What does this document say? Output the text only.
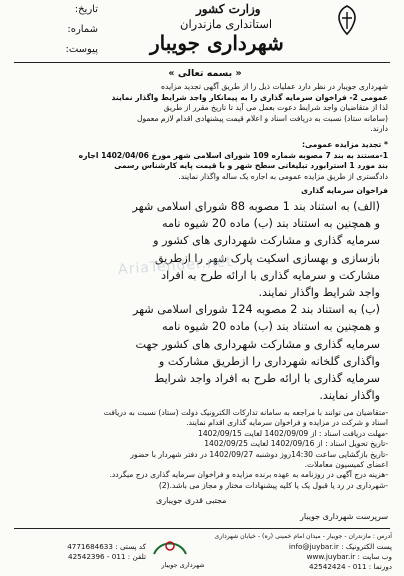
تاریخ:
شماره:
پیوست:
وزارت کشور
استانداری مازندران
شهرداری جویبار
« بسمه تعالی »
شهرداری جویبار در نظر دارد عملیات ذیل را از طریق آگهی تجدید مزایده
عمومی 2- فراخوان سرمایه گذاری را به پیمانکار واجد شرایط واگذار نمایند
لذا از متقاضیان واجد شرایط دعوت بعمل می آید تا تاریخ مقرر از طریق
(سامانه ستاد) نسبت به دریافت اسناد و اعلام قیمت پیشنهادی اقدام لازم معمول
دارند.
* تجدید مزایده عمومی:
1-مستند به بند 7 مصوبه شماره 109 شورای اسلامی شهر مورخ 1402/04/06 اجاره
بند مورد 1 استرابورد تبلیغاتی سطح شهر و با قیمت پایه کارشناس رسمی
دادگستری از طریق مزایده عمومی به اجاره یک ساله واگذار نمایند.
فراخوان سرمایه گذاری
(الف) به استناد بند 1 مصوبه 88 شورای اسلامی شهر
و همچنین به استناد بند (ب) ماده 20 شیوه نامه
سرمایه گذاری و مشارکت شهرداری های کشور و
بازسازی و بهسازی اسکیت پارک شهر را ازطریق
مشارکت و سرمایه گذاری با ارائه طرح به افراد
واجد شرایط واگذار نمایند.
(ب) به استناد بند 2 مصوبه 124 شورای اسلامی شهر
و همچنین به استناد بند (ب) ماده 20 شیوه نامه
سرمایه گذاری و مشارکت شهرداری های کشور جهت
واگذاری گلخانه شهرداری را ازطریق مشارکت و
سرمایه گذاری با ارائه طرح به افراد واجد شرایط
واگذار نمایند.
AriaTender.net
-متقاضیان می توانند با مراجعه به سامانه تدارکات الکترونیک دولت (ستاد) نسبت به دریافت
اسناد و شرکت در مزایده و فراخوان سرمایه گذاری اقدام نمایند.
-مهلت دریافت اسناد : از 1402/09/09 لغایت 1402/09/15
-تاریخ تحویل اسناد : از 1402/09/16 لغایت 1402/09/25
-تاریخ بازگشایی ساعت 14:30روز دوشنبه 1402/09/27 در دفتر شهردار با حضور
اعضای کمیسیون معاملات.
-هزینه درج آگهی در روزنامه به عهده برنده مزایده و فراخوان سرمایه گذاری درج میگردد.
-شهرداری در رد یا قبول یک یا کلیه پیشنهادات مختار و مجاز می باشد.(2)
مجتبی قدری جویباری
سرپرست شهرداری جویبار
شهرداری جویبار
آدرس : مازندران - جویبار - میدان امام خمینی (ره) - خیابان شهرداری
پست الکترونیک : info@juybar.ir
وب سایت : www.juybar.ir
دورنما : 011 - 42542424
کد پستی : 4771684633
تلفن : 011 - 42542396
